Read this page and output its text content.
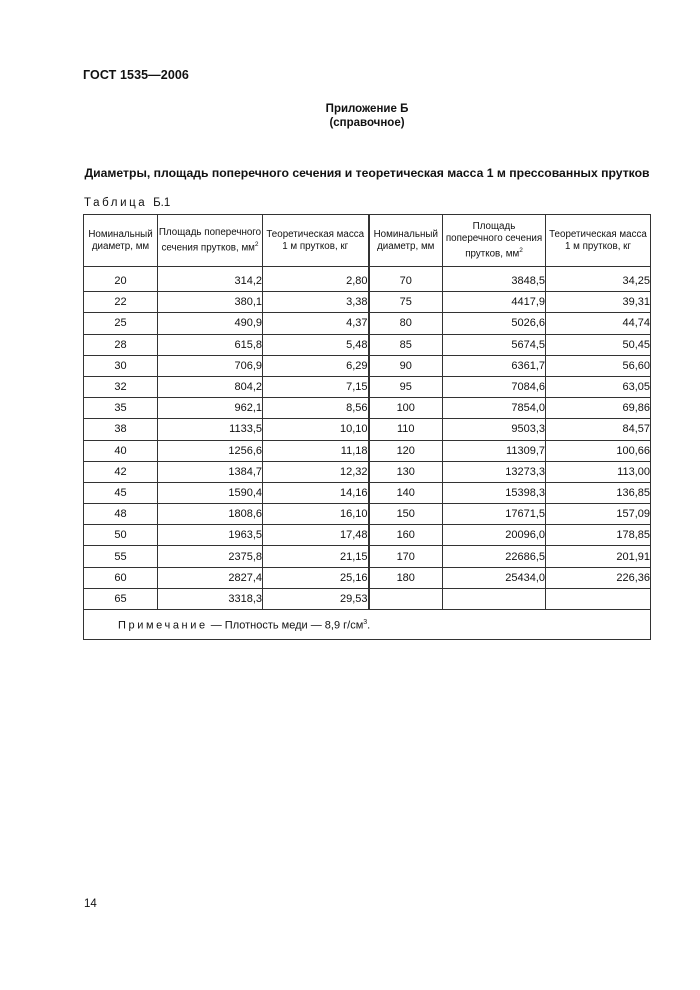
ГОСТ 1535—2006
Приложение Б
(справочное)
Диаметры, площадь поперечного сечения и теоретическая масса 1 м прессованных прутков
Таблица Б.1
Номинальный диаметр, мм	Площадь поперечного сечения прутков, $мм^2$	Теоретическая масса 1 м прутков, кг	Номинальный диаметр, мм	Площадь поперечного сечения прутков, $мм^2$	Теоретическая масса 1 м прутков, кг
20	314,2	2,80	70	3848,5	34,25
22	380,1	3,38	75	4417,9	39,31
25	490,9	4,37	80	5026,6	44,74
28	615,8	5,48	85	5674,5	50,45
30	706,9	6,29	90	6361,7	56,60
32	804,2	7,15	95	7084,6	63,05
35	962,1	8,56	100	7854,0	69,86
38	1133,5	10,10	110	9503,3	84,57
40	1256,6	11,18	120	11309,7	100,66
42	1384,7	12,32	130	13273,3	113,00
45	1590,4	14,16	140	15398,3	136,85
48	1808,6	16,10	150	17671,5	157,09
50	1963,5	17,48	160	20096,0	178,85
55	2375,8	21,15	170	22686,5	201,91
60	2827,4	25,16	180	25434,0	226,36
65	3318,3	29,53			
Примечание — Плотность меди — 8,9 $г/см^3$.					
14
